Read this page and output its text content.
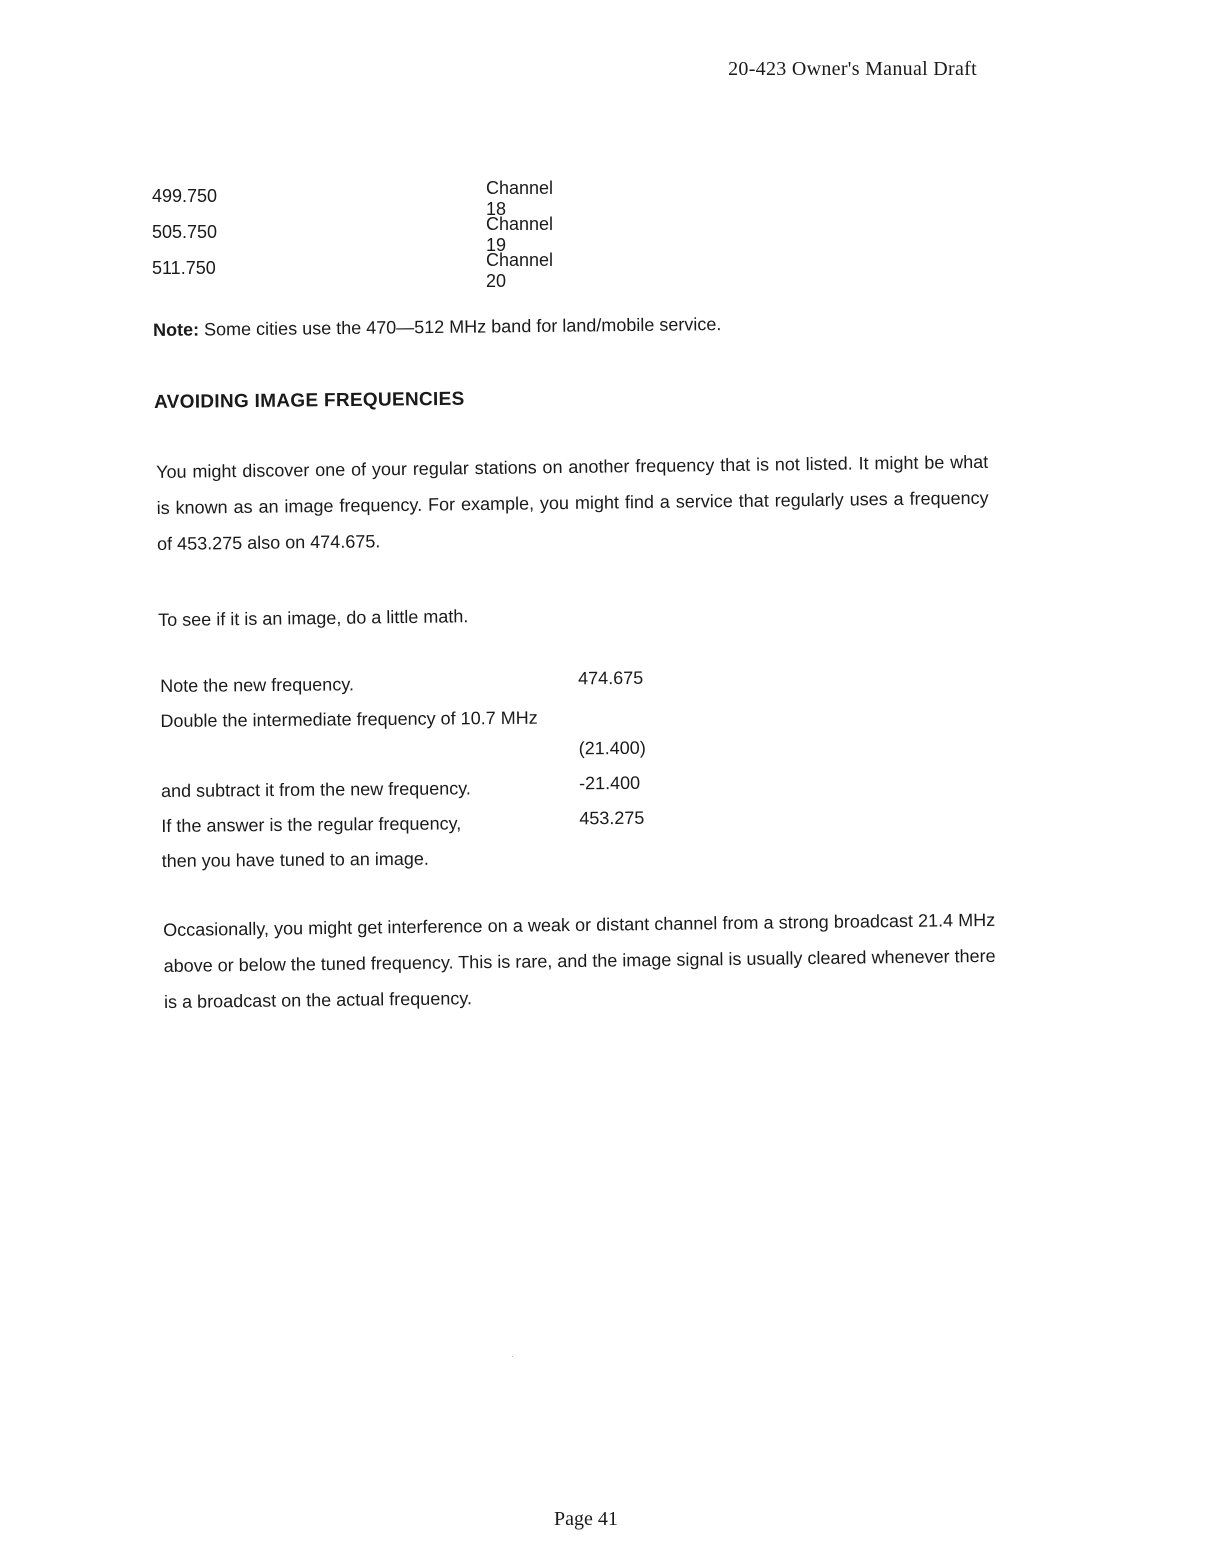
20-423 Owner's Manual Draft
499.750	Channel 18
505.750	Channel 19
511.750	Channel 20
Note: Some cities use the 470—512 MHz band for land/mobile service.
AVOIDING IMAGE FREQUENCIES
You might discover one of your regular stations on another frequency that is not listed. It might be what is known as an image frequency. For example, you might find a service that regularly uses a frequency of 453.275 also on 474.675.
To see if it is an image, do a little math.
Note the new frequency.	474.675
Double the intermediate frequency of 10.7 MHz
(21.400)
and subtract it from the new frequency.	-21.400
If the answer is the regular frequency,	453.275
then you have tuned to an image.
Occasionally, you might get interference on a weak or distant channel from a strong broadcast 21.4 MHz above or below the tuned frequency. This is rare, and the image signal is usually cleared whenever there is a broadcast on the actual frequency.
Page 41
